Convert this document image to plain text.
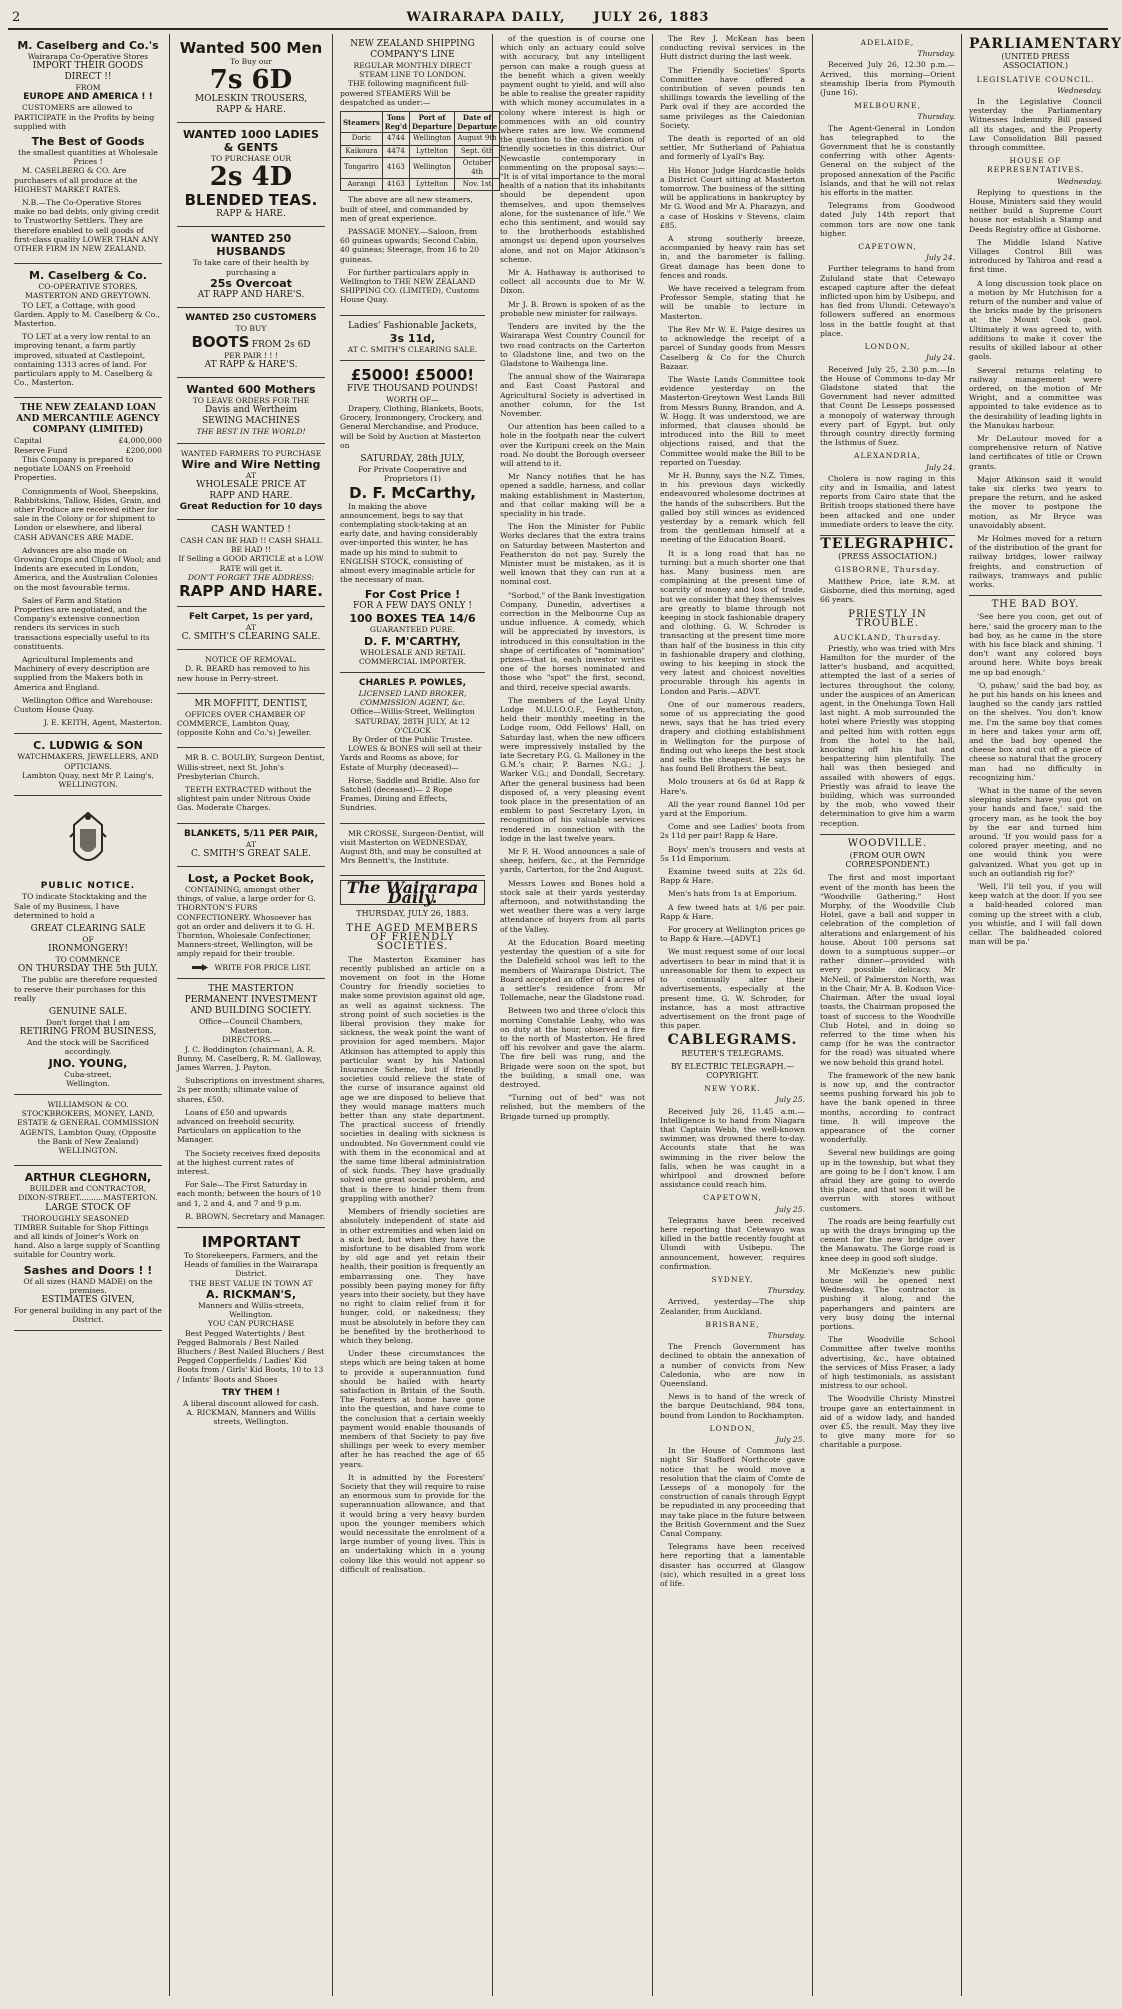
2	WAIRARAPA DAILY, JULY 26, 1883
M. Caselberg and Co.'s
Wairarapa Co-Operative Stores
IMPORT THEIR GOODS DIRECT !!
FROM
EUROPE AND AMERICA ! !

CUSTOMERS are allowed to PARTICIPATE in the Profits by being supplied with

The Best of Goods
the smallest quantities at Wholesale Prices !

M. CASELBERG & CO. Are purchasers of all produce at the HIGHEST MARKET RATES.

N.B.—The Co-Operative Stores make no bad debts, only giving credit to Trustworthy Settlers. They are therefore enabled to sell goods of first-class quality LOWER THAN ANY OTHER FIRM IN NEW ZEALAND.

M. Caselberg & Co.
CO-OPERATIVE STORES,
MASTERTON AND GREYTOWN.

TO LET, a Cottage, with good Garden. Apply to M. Caselberg & Co., Masterton.

TO LET at a very low rental to an improving tenant, a farm partly improved, situated at Castlepoint, containing 1313 acres of land. For particulars apply to M. Caselberg & Co., Masterton.

THE NEW ZEALAND LOAN AND MERCANTILE AGENCY COMPANY (LIMITED)
Capital	£4,000,000
Reserve Fund	£200,000

This Company is prepared to negotiate LOANS on Freehold Properties.

Consignments of Wool, Sheepskins, Rabbitskins, Tallow, Hides, Grain, and other Produce are received either for sale in the Colony or for shipment to London or elsewhere, and liberal CASH ADVANCES ARE MADE.

Advances are also made on Growing Crops and Clips of Wool; and Indents are executed in London, America, and the Australian Colonies on the most favourable terms.

Sales of Farm and Station Properties are negotiated, and the Company's extensive connection renders its services in such transactions especially useful to its constituents.

Agricultural Implements and Machinery of every description are supplied from the Makers both in America and England.

Wellington Office and Warehouse: Custom House Quay.

J. E. KEITH, Agent, Masterton.
C. LUDWIG & SON
WATCHMAKERS, JEWELLERS, AND OPTICIANS.
Lambton Quay, next Mr P. Laing's,
WELLINGTON.
PUBLIC NOTICE.

TO indicate Stocktaking and the Sale of my Business, I have determined to hold a

GREAT CLEARING SALE
OF
IRONMONGERY!
TO COMMENCE
ON THURSDAY THE 5th JULY.

The public are therefore requested to reserve their purchases for this really

GENUINE SALE.
Don't forget that I am
RETIRING FROM BUSINESS,
And the stock will be Sacrificed accordingly.
JNO. YOUNG,
Cuba-street,
Wellington.

WILLIAMSON & CO. STOCKBROKERS, MONEY, LAND, ESTATE & GENERAL COMMISSION AGENTS, Lambton Quay, (Opposite the Bank of New Zealand) WELLINGTON.

ARTHUR CLEGHORN,
BUILDER and CONTRACTOR,
DIXON-STREET..........MASTERTON.
LARGE STOCK OF

THOROUGHLY SEASONED TIMBER Suitable for Shop Fittings and all kinds of Joiner's Work on hand. Also a large supply of Scantling suitable for Country work.

Sashes and Doors ! !
Of all sizes (HAND MADE) on the premises.
ESTIMATES GIVEN,
For general building in any part of the District.
Wanted 500 Men
To Buy our
7s 6D
MOLESKIN TROUSERS,
RAPP & HARE.
WANTED 1000 LADIES & GENTS
TO PURCHASE OUR
2s 4D
BLENDED TEAS.
RAPP & HARE.
WANTED 250 HUSBANDS
To take care of their health by purchasing a
25s Overcoat
AT RAPP AND HARE'S.
WANTED 250 CUSTOMERS
TO BUY
BOOTS FROM 2s 6D
PER PAIR ! ! !
AT RAPP & HARE'S.
Wanted 600 Mothers
TO LEAVE ORDERS FOR THE
Davis and Wertheim
SEWING MACHINES
THE BEST IN THE WORLD!
WANTED FARMERS TO PURCHASE
Wire and Wire Netting
AT
WHOLESALE PRICE AT
RAPP AND HARE.
Great Reduction for 10 days
CASH WANTED !
CASH CAN BE HAD !! CASH SHALL BE HAD !!
If Selling a GOOD ARTICLE at a LOW RATE will get it.
DON'T FORGET THE ADDRESS:
RAPP AND HARE.
Felt Carpet, 1s per yard,
AT
C. SMITH'S CLEARING SALE.
NOTICE OF REMOVAL.

D. R. BEARD has removed to his new house in Perry-street.

MR MOFFITT, DENTIST,

OFFICES OVER CHAMBER OF COMMERCE, Lambton Quay, (opposite Kohn and Co.'s) Jeweller.

MR B. C. BOULBY, Surgeon Dentist, Willis-street, next St. John's Presbyterian Church.

TEETH EXTRACTED without the slightest pain under Nitrous Oxide Gas. Moderate Charges.

BLANKETS, 5/11 PER PAIR,
AT
C. SMITH'S GREAT SALE.
Lost, a Pocket Book,

CONTAINING, amongst other things, of value, a large order for G. THORNTON'S FURS CONFECTIONERY. Whosoever has got an order and delivers it to G. H. Thornton, Wholesale Confectioner, Manners-street, Wellington, will be amply repaid for their trouble.

WRITE FOR PRICE LIST.
THE MASTERTON PERMANENT INVESTMENT AND BUILDING SOCIETY.
Office—Council Chambers, Masterton.
DIRECTORS.—

J. C. Boddington (chairman), A. R. Bunny, M. Caselberg, R. M. Galloway, James Warren, J. Payton.

Subscriptions on investment shares, 2s per month; ultimate value of shares, £50.

Loans of £50 and upwards advanced on freehold security. Particulars on application to the Manager.

The Society receives fixed deposits at the highest current rates of interest.

For Sale—The First Saturday in each month; between the hours of 10 and 1, 2 and 4, and 7 and 9 p.m.

R. BROWN, Secretary and Manager.
IMPORTANT
To Storekeepers, Farmers, and the Heads of families in the Wairarapa District.
THE BEST VALUE IN TOWN AT
A. RICKMAN'S,
Manners and Willis-streets, Wellington.
YOU CAN PURCHASE

Best Pegged Watertights / Best Pegged Balmorals / Best Nailed Bluchers / Best Nailed Bluchers / Best Pegged Copperfields / Ladies' Kid Boots from / Girls' Kid Boots, 10 to 13 / Infants' Boots and Shoes

TRY THEM !
A liberal discount allowed for cash.
A. RICKMAN, Manners and Willis streets, Wellington.
NEW ZEALAND SHIPPING COMPANY'S LINE
REGULAR MONTHLY DIRECT STEAM LINE TO LONDON.

THE following magnificent full-powered STEAMERS Will be despatched as under:—

Steamers	Tons Reg'd	Port of Departure	Date of Departure
Doric	4744	Wellington	August 9th
Kaikoura	4474	Lyttelton	Sept. 6th
Tongariro	4163	Wellington	October 4th
Aorangi	4163	Lyttelton	Nov. 1st

The above are all new steamers, built of steel, and commanded by men of great experience.

PASSAGE MONEY.—Saloon, from 60 guineas upwards; Second Cabin, 40 guineas; Steerage, from 16 to 20 guineas.

For further particulars apply in Wellington to THE NEW ZEALAND SHIPPING CO. (LIMITED), Customs House Quay.

Ladies' Fashionable Jackets,
3s 11d,
AT C. SMITH'S CLEARING SALE.
£5000! £5000!
FIVE THOUSAND POUNDS!
WORTH OF—

Drapery, Clothing, Blankets, Boots, Grocery, Ironmongery, Crockery, and General Merchandise, and Produce, will be Sold by Auction at Masterton on

SATURDAY, 28th JULY,
For Private Cooperative and Proprietors (1)
D. F. McCarthy,

In making the above announcement, begs to say that contemplating stock-taking at an early date, and having considerably over-imported this winter, he has made up his mind to submit to ENGLISH STOCK, consisting of almost every imaginable article for the necessary of man.

For Cost Price !
FOR A FEW DAYS ONLY !
100 BOXES TEA 14/6
GUARANTEED PURE.
D. F. M'CARTHY,
WHOLESALE AND RETAIL COMMERCIAL IMPORTER.
CHARLES P. POWLES,
LICENSED LAND BROKER, COMMISSION AGENT, &c.
Office—Willis-Street, Wellington
SATURDAY, 28TH JULY, At 12 O'CLOCK
By Order of the Public Trustee.

LOWES & BONES will sell at their Yards and Rooms as above, for Estate of Murphy (deceased)—

Horse, Saddle and Bridle. Also for Satchell (deceased)— 2 Rope Frames, Dining and Effects, Sundries.

MR CROSSE, Surgeon-Dentist, will visit Masterton on WEDNESDAY, August 8th, and may be consulted at Mrs Bennett's, the Institute.

The Wairarapa Daily.
THURSDAY, JULY 26, 1883.
THE AGED MEMBERS OF FRIENDLY SOCIETIES.

The Masterton Examiner has recently published an article on a movement on foot in the Home Country for friendly societies to make some provision against old age, as well as against sickness. The strong point of such societies is the liberal provision they make for sickness, the weak point the want of provision for aged members. Major Atkinson has attempted to apply this particular want by his National Insurance Scheme, but if friendly societies could relieve the state of the curse of insurance against old age we are disposed to believe that they would manage matters much better than any state department. The practical success of friendly societies in dealing with sickness is undoubted. No Government could vie with them in the economical and at the same time liberal administration of sick funds. They have gradually solved one great social problem, and that is there to hinder them from grappling with another?

Members of friendly societies are absolutely independent of state aid in other extremities and when laid on a sick bed, but when they have the misfortune to be disabled from work by old age and yet retain their health, their position is frequently an embarrassing one. They have possibly been paying money for fifty years into their society, but they have no right to claim relief from it for hunger, cold, or nakedness; they must be absolutely in before they can be benefited by the brotherhood to which they belong.

Under these circumstances the steps which are being taken at home to provide a superannuation fund should be hailed with hearty satisfaction in Britain of the South. The Foresters at home have gone into the question, and have come to the conclusion that a certain weekly payment would enable thousands of members of that Society to pay five shillings per week to every member after he has reached the age of 65 years.

It is admitted by the Foresters' Society that they will require to raise an enormous sum to provide for the superannuation allowance, and that it would bring a very heavy burden upon the younger members which would necessitate the enrolment of a large number of young lives. This is an undertaking which in a young colony like this would not appear so difficult of realisation.

of the question is of course one which only an actuary could solve with accuracy, but any intelligent person can make a rough guess at the benefit which a given weekly payment ought to yield, and will also be able to realise the greater rapidity with which money accumulates in a colony where interest is high or commences with an old country where rates are low. We commend the question to the consideration of friendly societies in this district. Our Newcastle contemporary in commenting on the proposal says:— "It is of vital importance to the moral health of a nation that its inhabitants should be dependent upon themselves, and upon themselves alone, for the sustenance of life." We echo this sentiment, and would say to the brotherhoods established amongst us: depend upon yourselves alone, and not on Major Atkinson's scheme.

Mr A. Hathaway is authorised to collect all accounts due to Mr W. Dixon.

Mr J. B. Brown is spoken of as the probable new minister for railways.

Tenders are invited by the the Wairarapa West Country Council for two road contracts on the Carterton to Gladstone line, and two on the Gladstone to Waihenga line.

The annual show of the Wairarapa and East Coast Pastoral and Agricultural Society is advertised in another column, for the 1st November.

Our attention has been called to a hole in the footpath near the culvert over the Kuripuni creek on the Main road. No doubt the Borough overseer will attend to it.

Mr Nancy notifies that he has opened a saddle, harness, and collar making establishment in Masterton, and that collar making will be a speciality in his trade.

The Hon the Minister for Public Works declares that the extra trains on Saturday between Masterton and Featherston do not pay. Surely the Minister must be mistaken, as it is well known that they can run at a nominal cost.

"Sorbod," of the Bank Investigation Company, Dunedin, advertises a correction in the Melbourne Cup as undue influence. A comedy, which will be appreciated by investors, is introduced in this consultation in the shape of certificates of "nomination" prizes—that is, each investor writes one of the horses nominated and those who "spot" the first, second, and third, receive special awards.

The members of the Loyal Unity Lodge M.U.I.O.O.F., Featherston, held their monthly meeting in the Lodge room, Odd Fellows' Hall, on Saturday last, when the new officers were impressively installed by the late Secretary P.G. G. Malloney in the G.M.'s chair, P. Barnes N.G.; J. Warker V.G.; and Dondall, Secretary. After the general business had been disposed of, a very pleasing event took place in the presentation of an emblem to past Secretary Lyon, in recognition of his valuable services rendered in connection with the lodge in the last twelve years.

Mr F. H. Wood announces a sale of sheep, heifers, &c., at the Fernridge yards, Carterton, for the 2nd August.

Messrs Lowes and Bones hold a stock sale at their yards yesterday afternoon, and notwithstanding the wet weather there was a very large attendance of buyers from all parts of the Valley.

At the Education Board meeting yesterday the question of a site for the Dalefield school was left to the members of Wairarapa District. The Board accepted an offer of 4 acres of a settler's residence from Mr Tollemache, near the Gladstone road.

Between two and three o'clock this morning Constable Leahy, who was on duty at the hour, observed a fire to the north of Masterton. He fired off his revolver and gave the alarm. The fire bell was rung, and the Brigade were soon on the spot, but the building, a small one, was destroyed.

"Turning out of bed" was not relished, but the members of the Brigade turned up promptly.

The Rev J. McKean has been conducting revival services in the Hutt district during the last week.

The Friendly Societies' Sports Committee have offered a contribution of seven pounds ten shillings towards the levelling of the Park oval if they are accorded the same privileges as the Caledonian Society.

The death is reported of an old settler, Mr Sutherland of Pahiatua and formerly of Lyall's Bay.

His Honor Judge Hardcastle holds a District Court sitting at Masterton tomorrow. The business of the sitting will be applications in bankruptcy by Mr G. Wood and Mr A. Pharazyn, and a case of Hoskins v Stevens, claim £85.

A strong southerly breeze, accompanied by heavy rain has set in, and the barometer is falling. Great damage has been done to fences and roads.

We have received a telegram from Professor Semple, stating that he will be unable to lecture in Masterton.

The Rev Mr W. E. Paige desires us to acknowledge the receipt of a parcel of Sunday goods from Messrs Caselberg & Co for the Church Bazaar.

The Waste Lands Committee took evidence yesterday on the Masterton-Greytown West Lands Bill from Messrs Bunny, Brandon, and A. W. Hogg. It was understood, we are informed, that clauses should be introduced into the Bill to meet objections raised, and that the Committee would make the Bill to be reported on Tuesday.

Mr H. Bunny, says the N.Z. Times, in his previous days wickedly endeavoured wholesome doctrines at the hands of the subscribers. But the galled boy still winces as evidenced yesterday by a remark which fell from the gentleman himself at a meeting of the Education Board.

It is a long road that has no turning: but a much shorter one that has. Many business men are complaining at the present time of scarcity of money and loss of trade, but we consider that they themselves are greatly to blame through not keeping in stock fashionable drapery and clothing. G. W. Schroder is transacting at the present time more than half of the business in this city in fashionable drapery and clothing, owing to his keeping in stock the very latest and choicest novelties procurable through his agents in London and Paris.—ADVT.

One of our numerous readers, some of us appreciating the good news, says that he has tried every drapery and clothing establishment in Wellington for the purpose of finding out who keeps the best stock and sells the cheapest. He says he has found Bell Brothers the best.

Molo trousers at 6s 6d at Rapp & Hare's.

All the year round flannel 10d per yard at the Emporium.

Come and see Ladies' boots from 2s 11d per pair! Rapp & Hare.

Boys' men's trousers and vests at 5s 11d Emporium.

Examine tweed suits at 22s 6d. Rapp & Hare.

Men's hats from 1s at Emporium.

A few tweed hats at 1/6 per pair. Rapp & Hare.

For grocery at Wellington prices go to Rapp & Hare.—[ADVT.]

We must request some of our local advertisers to bear in mind that it is unreasonable for them to expect us to continually alter their advertisements, especially at the present time. G. W. Schroder, for instance, has a most attractive advertisement on the front page of this paper.

CABLEGRAMS.
REUTER'S TELEGRAMS.
BY ELECTRIC TELEGRAPH.—COPYRIGHT.
NEW YORK.
July 25.

Received July 26, 11.45 a.m.—Intelligence is to hand from Niagara that Captain Webb, the well-known swimmer, was drowned there to-day. Accounts state that he was swimming in the river below the falls, when he was caught in a whirlpool and drowned before assistance could reach him.

CAPETOWN,
July 25.

Telegrams have been received here reporting that Cetewayo was killed in the battle recently fought at Ulundi with Usibepu. The announcement, however, requires confirmation.

SYDNEY,
Thursday.

Arrived, yesterday—The ship Zealander, from Auckland.

BRISBANE,
Thursday.

The French Government has declined to obtain the annexation of a number of convicts from New Caledonia, who are now in Queensland.

News is to hand of the wreck of the barque Deutschland, 984 tons, bound from London to Rockhampton.

LONDON,
July 25.

In the House of Commons last night Sir Stafford Northcote gave notice that he would move a resolution that the claim of Comte de Lesseps of a monopoly for the construction of canals through Egypt be repudiated in any proceeding that may take place in the future between the British Government and the Suez Canal Company.

Telegrams have been received here reporting that a lamentable disaster has occurred at Glasgow (sic), which resulted in a great loss of life.

ADELAIDE,
Thursday.

Received July 26, 12.30 p.m.—Arrived, this morning—Orient steamship Iberia from Plymouth (June 16).

MELBOURNE,
Thursday.

The Agent-General in London has telegraphed to the Government that he is constantly conferring with other Agents-General on the subject of the proposed annexation of the Pacific Islands, and that he will not relax his efforts in the matter.

Telegrams from Goodwood dated July 14th report that common tors are now one tank higher.

CAPETOWN,
July 24.

Further telegrams to hand from Zululand state that Cetewayo escaped capture after the defeat inflicted upon him by Usibepu, and has fled from Ulundi. Cetewayo's followers suffered an enormous loss in the battle fought at that place.

LONDON,
July 24.

Received July 25, 2.30 p.m.—In the House of Commons to-day Mr Gladstone stated that the Government had never admitted that Count De Lesseps possessed a monopoly of waterway through every part of Egypt, but only through country directly forming the Isthmus of Suez.

ALEXANDRIA,
July 24.

Cholera is now raging in this city and in Ismailia, and latest reports from Cairo state that the British troops stationed there have been attacked and one under immediate orders to leave the city.

TELEGRAPHIC.
(PRESS ASSOCIATION.)
GISBORNE, Thursday.

Matthew Price, late R.M. at Gisborne, died this morning, aged 66 years.

PRIESTLY IN TROUBLE.
AUCKLAND, Thursday.

Priestly, who was tried with Mrs Hamilton for the murder of the latter's husband, and acquitted, attempted the last of a series of lectures throughout the colony, under the auspices of an American agent, in the Onehunga Town Hall last night. A mob surrounded the hotel where Priestly was stopping and pelted him with rotten eggs from the hotel to the hall, knocking off his hat and bespattering him plentifully. The hall was then besieged and assailed with showers of eggs. Priestly was afraid to leave the building, which was surrounded by the mob, who vowed their determination to give him a warm reception.

WOODVILLE.
(FROM OUR OWN CORRESPONDENT.)

The first and most important event of the month has been the "Woodville Gathering." Host Murphy, of the Woodville Club Hotel, gave a ball and supper in celebration of the completion of alterations and enlargement of his house. About 100 persons sat down to a sumptuous supper—or rather dinner—provided with every possible delicacy. Mr McNeil, of Palmerston North, was in the Chair, Mr A. B. Kodson Vice-Chairman. After the usual loyal toasts, the Chairman proposed the toast of success to the Woodville Club Hotel, and in doing so referred to the time when his camp (for he was the contractor for the road) was situated where we now behold this grand hotel.

The framework of the new bank is now up, and the contractor seems pushing forward his job to have the bank opened in three months, according to contract time. It will improve the appearance of the corner wonderfully.

Several new buildings are going up in the township, but what they are going to be I don't know. I am afraid they are going to overdo this place, and that soon it will be overrun with stores without customers.

The roads are being fearfully cut up with the drays bringing up the cement for the new bridge over the Manawatu. The Gorge road is knee deep in good soft sludge.

Mr McKenzie's new public house will be opened next Wednesday. The contractor is pushing it along, and the paperhangers and painters are very busy doing the internal portions.

The Woodville School Committee after twelve months advertising, &c., have obtained the services of Miss Fraser, a lady of high testimonials, as assistant mistress to our school.

The Woodville Christy Minstrel troupe gave an entertainment in aid of a widow lady, and handed over £5, the result. May they live to give many more for so charitable a purpose.

PARLIAMENTARY
(UNITED PRESS ASSOCIATION.)
LEGISLATIVE COUNCIL.
Wednesday.

In the Legislative Council yesterday the Parliamentary Witnesses Indemnity Bill passed all its stages, and the Property Law Consolidation Bill passed through committee.

HOUSE OF REPRESENTATIVES.
Wednesday.

Replying to questions in the House, Ministers said they would neither build a Supreme Court house nor establish a Stamp and Deeds Registry office at Gisborne.

The Middle Island Native Villages Control Bill was introduced by Tahiroa and read a first time.

A long discussion took place on a motion by Mr Hutchison for a return of the number and value of the bricks made by the prisoners at the Mount Cook gaol. Ultimately it was agreed to, with additions to make it cover the results of skilled labour at other gaols.

Several returns relating to railway management were ordered, on the motion of Mr Wright, and a committee was appointed to take evidence as to the desirability of leading lights in the Manukau harbour.

Mr DeLautour moved for a comprehensive return of Native land certificates of title or Crown grants.

Major Atkinson said it would take six clerks two years to prepare the return, and he asked the mover to postpone the motion, as Mr Bryce was unavoidably absent.

Mr Holmes moved for a return of the distribution of the grant for railway bridges, lower railway freights, and construction of railways, tramways and public works.

THE BAD BOY.

'See here you coon, get out of here,' said the grocery man to the bad boy, as he came in the store with his face black and shining. 'I don't want any colored boys around here. White boys break me up bad enough.'

'O, pshaw,' said the bad boy, as he put his hands on his knees and laughed so the candy jars rattled on the shelves. 'You don't know me. I'm the same boy that comes in here and takes your arm off, and the bad boy opened the cheese box and cut off a piece of cheese so natural that the grocery man had no difficulty in recognizing him.'

'What in the name of the seven sleeping sisters have you got on your hands and face,' said the grocery man, as he took the boy by the ear and turned him around. 'If you would pass for a colored prayer meeting, and no one would think you were galvanized. What you got up in such an outlandish rig for?'

'Well, I'll tell you, if you will keep watch at the door. If you see a bald-headed colored man coming up the street with a club, you whistle, and I will fall down cellar. The baldheaded colored man will be pa.'
